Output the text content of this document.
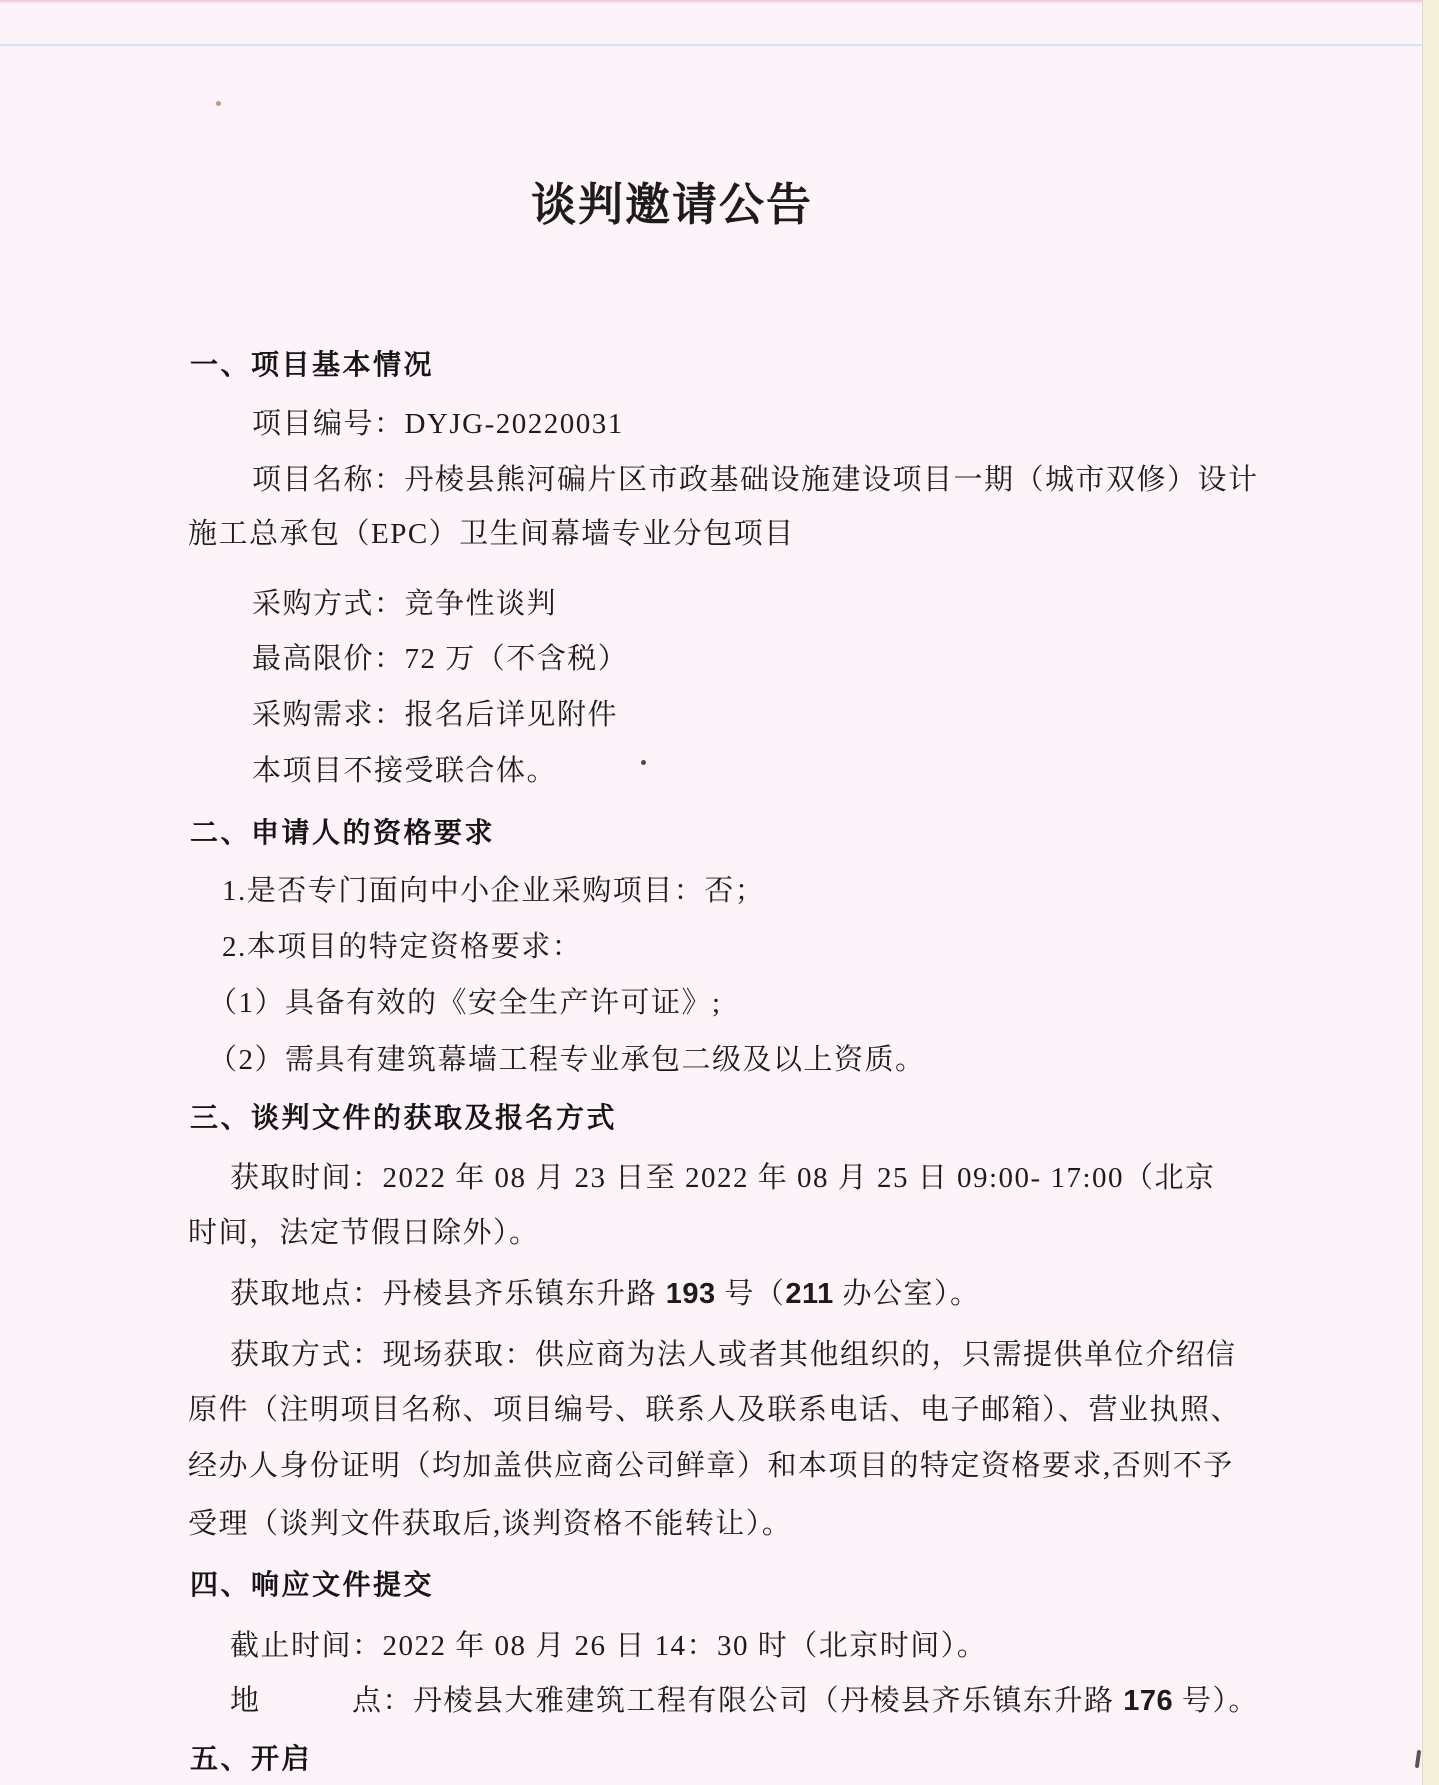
谈判邀请公告

一、项目基本情况

项目编号：DYJG-20220031

项目名称：丹棱县熊河碥片区市政基础设施建设项目一期（城市双修）设计

施工总承包（EPC）卫生间幕墙专业分包项目

采购方式：竞争性谈判

最高限价：72 万（不含税）

采购需求：报名后详见附件

本项目不接受联合体。

二、申请人的资格要求

1.是否专门面向中小企业采购项目：否；

2.本项目的特定资格要求：

（1）具备有效的《安全生产许可证》;

（2）需具有建筑幕墙工程专业承包二级及以上资质。

三、谈判文件的获取及报名方式

获取时间：2022 年 08 月 23 日至 2022 年 08 月 25 日 09:00- 17:00（北京

时间，法定节假日除外）。

获取地点：丹棱县齐乐镇东升路 193 号（211 办公室）。

获取方式：现场获取：供应商为法人或者其他组织的，只需提供单位介绍信

原件（注明项目名称、项目编号、联系人及联系电话、电子邮箱）、营业执照、

经办人身份证明（均加盖供应商公司鲜章）和本项目的特定资格要求,否则不予

受理（谈判文件获取后,谈判资格不能转让）。

四、响应文件提交

截止时间：2022 年 08 月 26 日 14：30 时（北京时间）。

地　　　点：丹棱县大雅建筑工程有限公司（丹棱县齐乐镇东升路 176 号）。

五、开启
